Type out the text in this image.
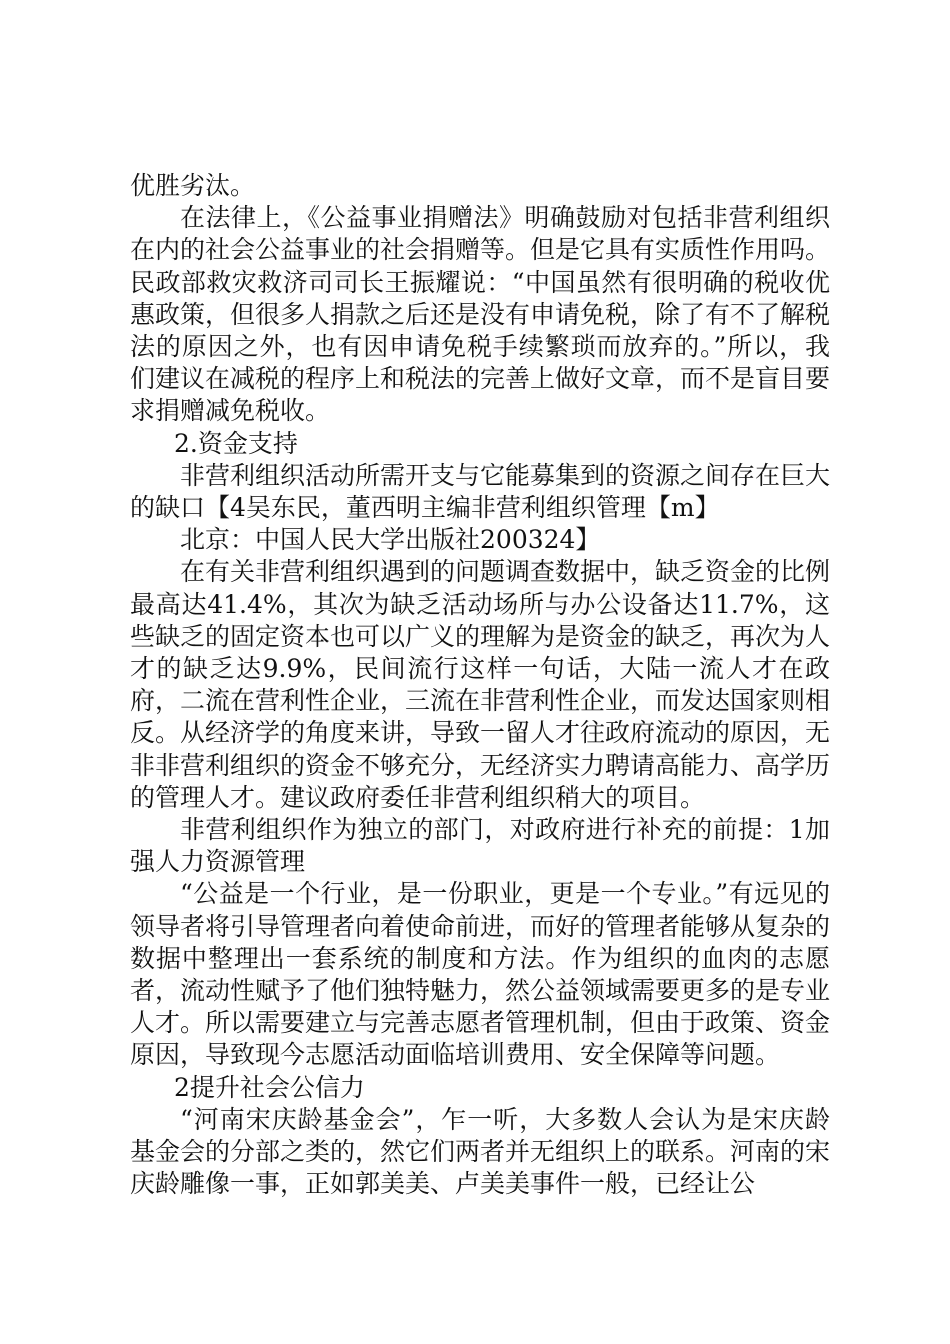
优胜劣汰。

在法律上，《公益事业捐赠法》明确鼓励对包括非营利组织在内的社会公益事业的社会捐赠等。但是它具有实质性作用吗。民政部救灾救济司司长王振耀说：“中国虽然有很明确的税收优惠政策，但很多人捐款之后还是没有申请免税，除了有不了解税法的原因之外，也有因申请免税手续繁琐而放弃的。”所以，我们建议在减税的程序上和税法的完善上做好文章，而不是盲目要求捐赠减免税收。

2.资金支持

非营利组织活动所需开支与它能募集到的资源之间存在巨大的缺口【4吴东民，董西明主编非营利组织管理【m】

北京：中国人民大学出版社200324】

在有关非营利组织遇到的问题调查数据中，缺乏资金的比例最高达41.4%，其次为缺乏活动场所与办公设备达11.7%，这些缺乏的固定资本也可以广义的理解为是资金的缺乏，再次为人才的缺乏达9.9%，民间流行这样一句话，大陆一流人才在政府，二流在营利性企业，三流在非营利性企业，而发达国家则相反。从经济学的角度来讲，导致一留人才往政府流动的原因，无非非营利组织的资金不够充分，无经济实力聘请高能力、高学历的管理人才。建议政府委任非营利组织稍大的项目。

非营利组织作为独立的部门，对政府进行补充的前提：1加强人力资源管理

“公益是一个行业，是一份职业，更是一个专业。”有远见的领导者将引导管理者向着使命前进，而好的管理者能够从复杂的数据中整理出一套系统的制度和方法。作为组织的血肉的志愿者，流动性赋予了他们独特魅力，然公益领域需要更多的是专业人才。所以需要建立与完善志愿者管理机制，但由于政策、资金原因，导致现今志愿活动面临培训费用、安全保障等问题。

2提升社会公信力

“河南宋庆龄基金会”，乍一听，大多数人会认为是宋庆龄基金会的分部之类的，然它们两者并无组织上的联系。河南的宋庆龄雕像一事，正如郭美美、卢美美事件一般，已经让公
